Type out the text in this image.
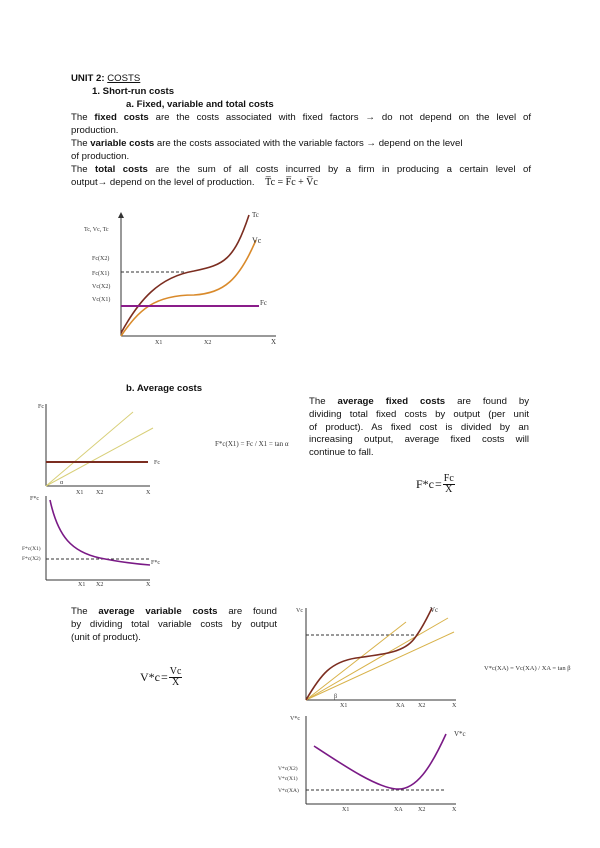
UNIT 2: COSTS
1. Short-run costs
a. Fixed, variable and total costs
The fixed costs are the costs associated with fixed factors → do not depend on the level of
production.
The variable costs are the costs associated with the variable factors → depend on the level
of production.
The total costs are the sum of all costs incurred by a firm in producing a certain level of
output→ depend on the level of production. T̅c = F̅c + V̅c
Tc, Vc, Tc
Fc(X2)
Fc(X1)
Vc(X2)
Vc(X1)
Tc
Vc
Fc
X1	X2	X
b. Average costs
Fc
Fc
α
X1 X2	X
F*c(X1) = Fc / X1 = tan α
The average fixed costs are found by
dividing total fixed costs by output (per unit
of product). As fixed cost is divided by an
increasing output, average fixed costs will
continue to fall.
$F*c = \frac{Fc}{X}$
F*c
F*c(X1)
F*c(X2)
F*c
X1 X2	X
The average variable costs are found
by dividing total variable costs by output
(unit of product).
$V*c = \frac{Vc}{X}$
Vc	Vc
β
X1	XA X2	X
V*c(XA) = Vc(XA) / XA = tan β
V*c
V*c(X2)
V*c(X1)
V*c(XA)
V*c
X1	XA	X2	X
